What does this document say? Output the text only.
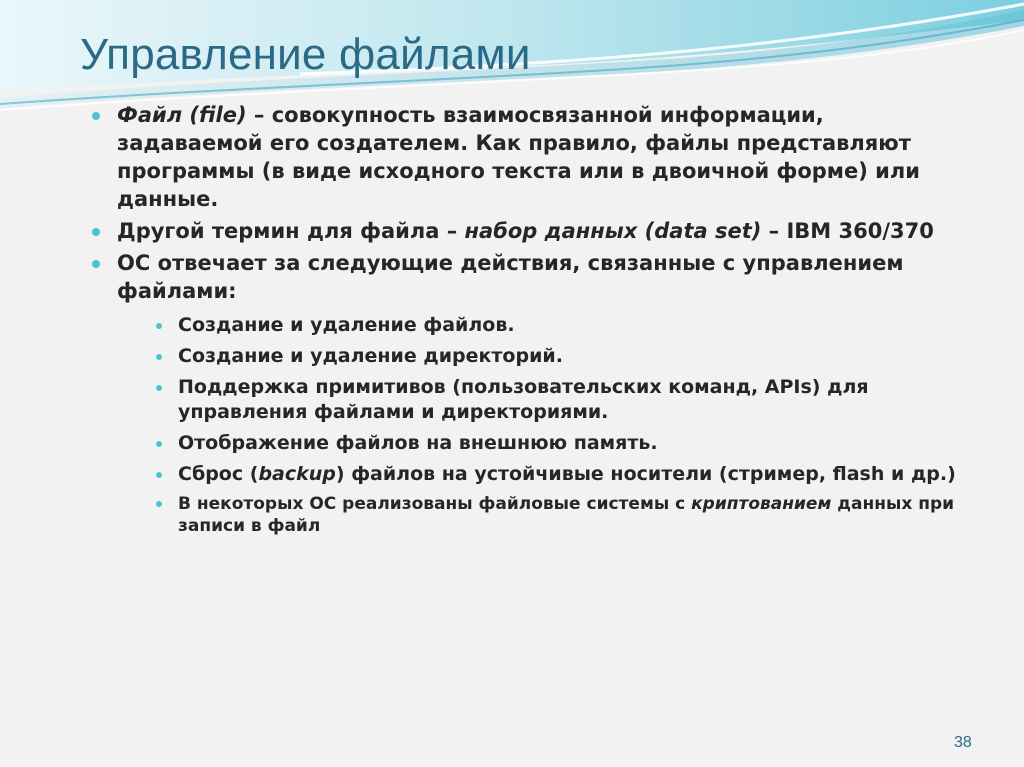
Управление файлами
Файл (file) – совокупность взаимосвязанной информации, задаваемой его создателем. Как правило, файлы представляют программы (в виде исходного текста или в двоичной форме) или данные.
Другой термин для файла – набор данных (data set) – IBM 360/370
ОС отвечает за следующие действия, связанные с управлением файлами:
Создание и удаление файлов.
Создание и удаление директорий.
Поддержка примитивов (пользовательских команд, APIs) для управления файлами и директориями.
Отображение файлов на внешнюю память.
Сброс (backup) файлов на устойчивые носители (стример, flash и др.)
В некоторых ОС реализованы файловые системы с криптованием данных при записи в файл
38
